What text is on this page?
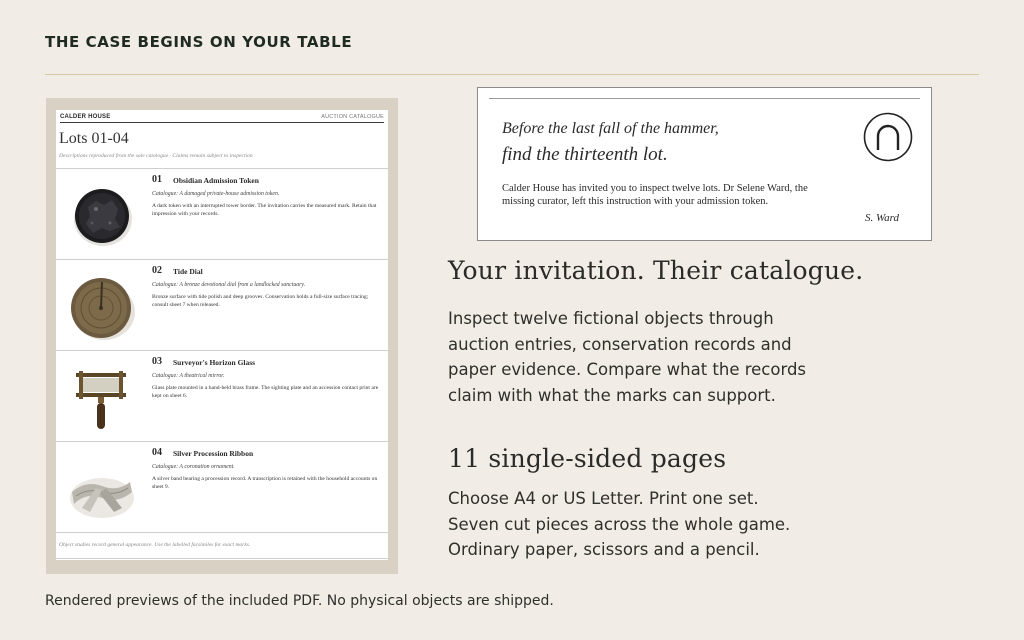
THE CASE BEGINS ON YOUR TABLE
CALDER HOUSE	AUCTION CATALOGUE
Lots 01-04
Descriptions reproduced from the sale catalogue · Claims remain subject to inspection
01 Obsidian Admission Token
Catalogue: A damaged private-house admission token.
A dark token with an interrupted tower border. The invitation carries the measured mark. Retain that impression with your records.
02 Tide Dial
Catalogue: A bronze devotional dial from a landlocked sanctuary.
Bronze surface with tide polish and deep grooves. Conservation holds a full-size surface tracing; consult sheet 7 when released.
03 Surveyor's Horizon Glass
Catalogue: A theatrical mirror.
Glass plate mounted in a hand-held brass frame. The sighting plate and an accession contact print are kept on sheet 6.
04 Silver Procession Ribbon
Catalogue: A coronation ornament.
A silver band bearing a procession record. A transcription is retained with the household accounts on sheet 9.
Object studies record general appearance. Use the labelled facsimiles for exact marks.
Before the last fall of the hammer,
find the thirteenth lot.
Calder House has invited you to inspect twelve lots. Dr Selene Ward, the missing curator, left this instruction with your admission token.
S. Ward
Your invitation. Their catalogue.
Inspect twelve fictional objects through
auction entries, conservation records and
paper evidence. Compare what the records
claim with what the marks can support.
11 single-sided pages
Choose A4 or US Letter. Print one set.
Seven cut pieces across the whole game.
Ordinary paper, scissors and a pencil.
Rendered previews of the included PDF. No physical objects are shipped.
